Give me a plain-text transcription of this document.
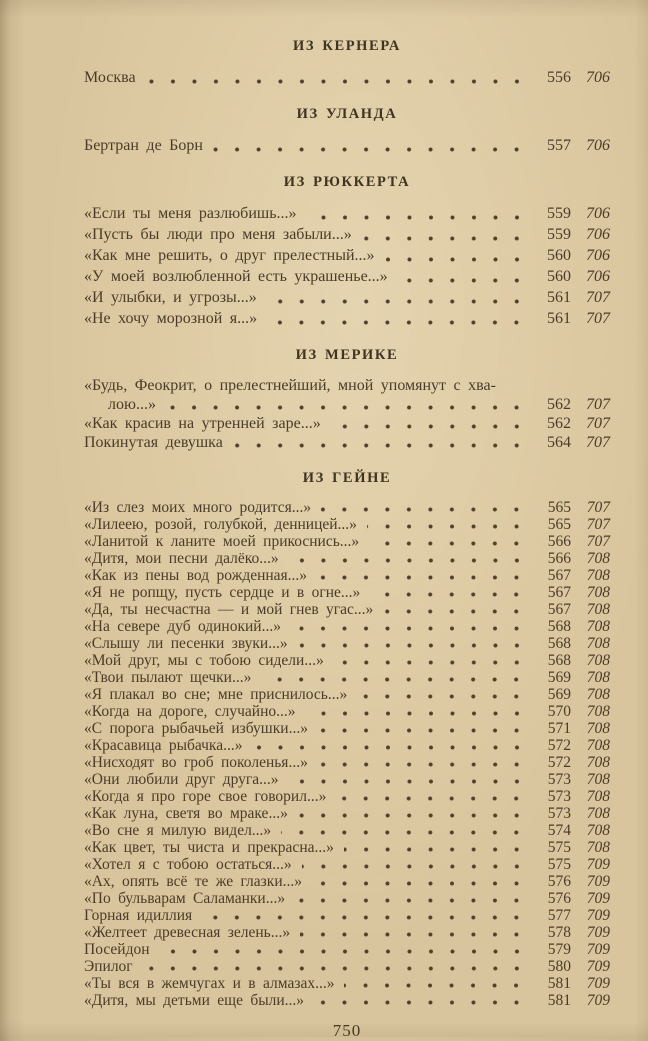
ИЗ КЕРНЕРА
Москва	556 706
ИЗ УЛАНДА
Бертран де Борн	557 706
ИЗ РЮККЕРТА
«Если ты меня разлюбишь...»	559 706
«Пусть бы люди про меня забыли...»	559 706
«Как мне решить, о друг прелестный...»	560 706
«У моей возлюбленной есть украшенье...»	560 706
«И улыбки, и угрозы...»	561 707
«Не хочу морозной я...»	561 707
ИЗ МЕРИКЕ
«Будь, Феокрит, о прелестнейший, мной упомянут с хва-
лою...»	562 707
«Как красив на утренней заре...»	562 707
Покинутая девушка	564 707
ИЗ ГЕЙНЕ
«Из слез моих много родится...»	565	707
«Лилеею, розой, голубкой, денницей...»	565	707
«Ланитой к ланите моей прикоснись...»	566	707
«Дитя, мои песни далёко...»	566	708
«Как из пены вод рожденная...»	567	708
«Я не ропщу, пусть сердце и в огне...»	567	708
«Да, ты несчастна — и мой гнев угас...»	567	708
«На севере дуб одинокий...»	568	708
«Слышу ли песенки звуки...»	568	708
«Мой друг, мы с тобою сидели...»	568	708
«Твои пылают щечки...»	569	708
«Я плакал во сне; мне приснилось...»	569	708
«Когда на дороге, случайно...»	570	708
«С порога рыбачьей избушки...»	571	708
«Красавица рыбачка...»	572	708
«Нисходят во гроб поколенья...»	572	708
«Они любили друг друга...»	573	708
«Когда я про горе свое говорил...»	573	708
«Как луна, светя во мраке...»	573	708
«Во сне я милую видел...»	574	708
«Как цвет, ты чиста и прекрасна...»	575	708
«Хотел я с тобою остаться...»	575	709
«Ах, опять всё те же глазки...»	576	709
«По бульварам Саламанки...»	576	709
Горная идиллия	577	709
«Желтеет древесная зелень...»	578	709
Посейдон	579	709
Эпилог	580	709
«Ты вся в жемчугах и в алмазах...»	581	709
«Дитя, мы детьми еще были...»	581	709
750
